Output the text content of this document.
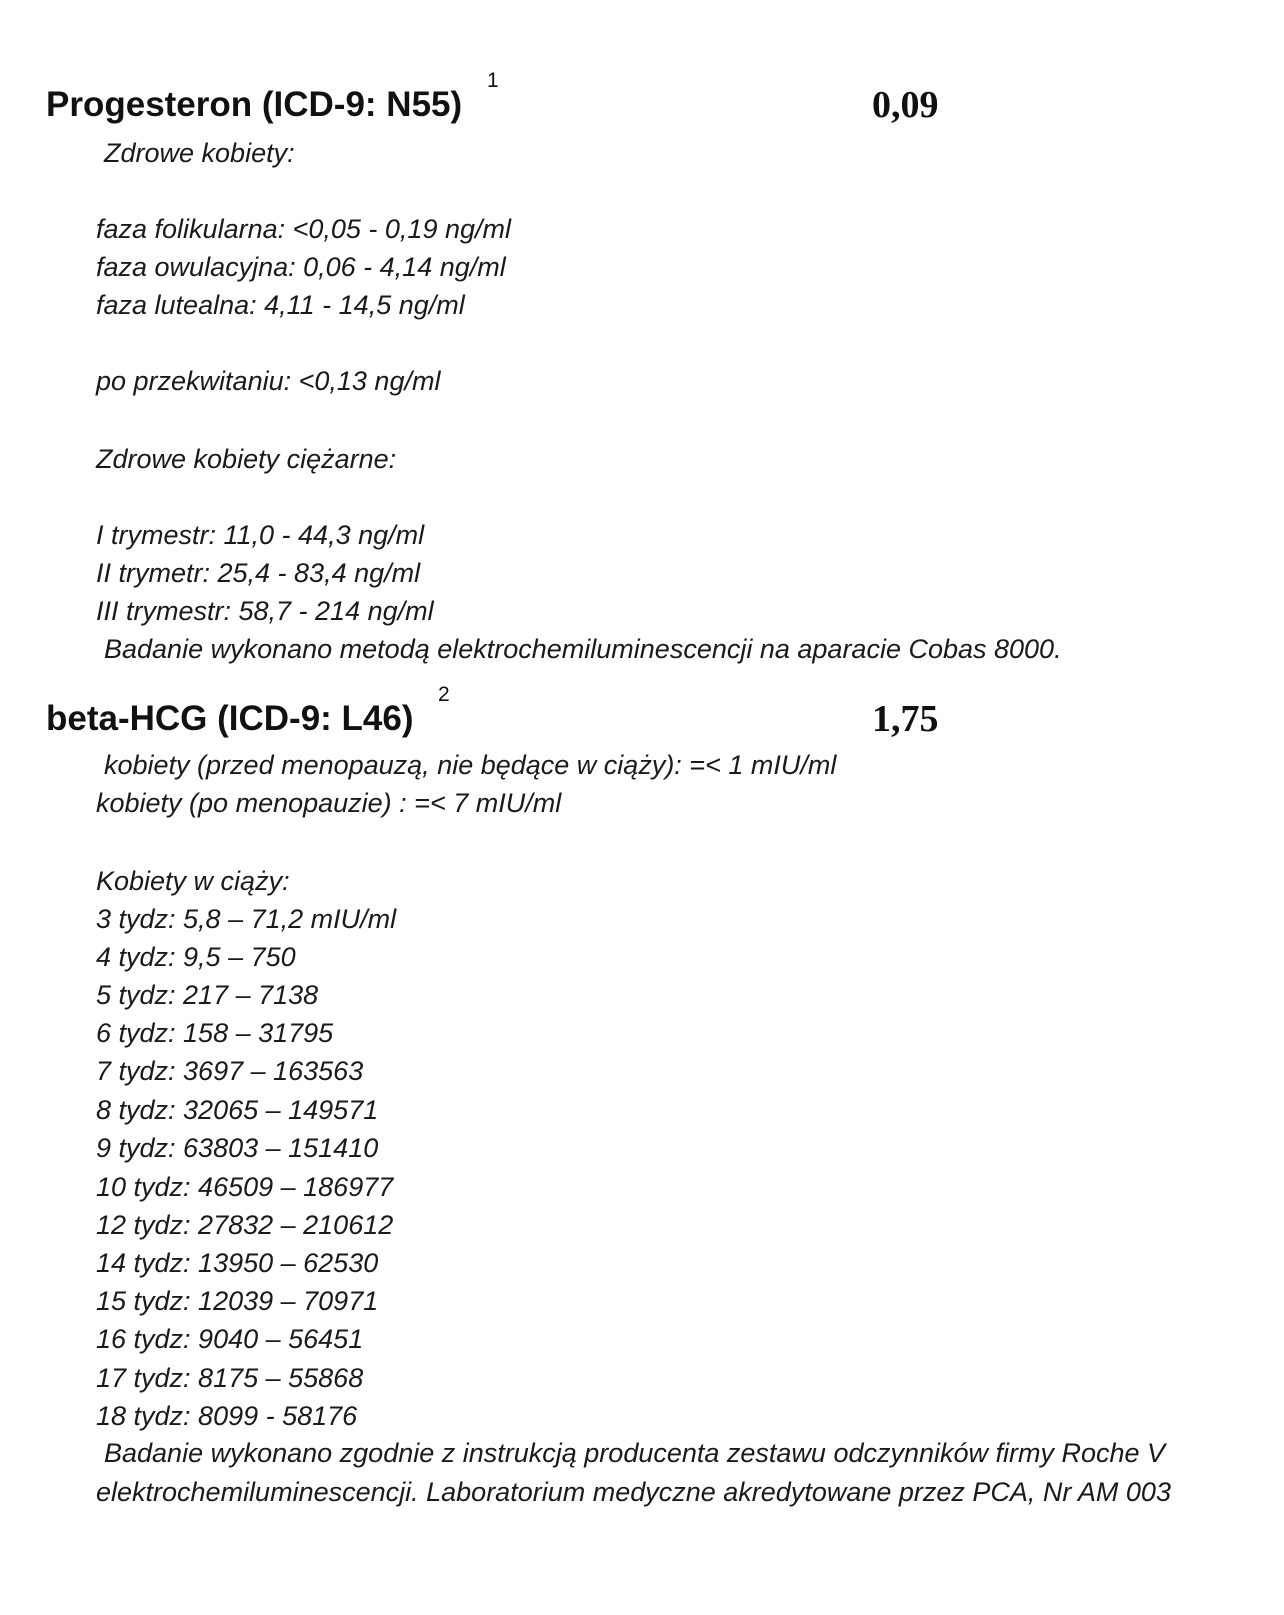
Progesteron (ICD-9: N55)
1
0,09
Zdrowe kobiety:
faza folikularna: <0,05 - 0,19 ng/ml
faza owulacyjna: 0,06 - 4,14 ng/ml
faza lutealna: 4,11 - 14,5 ng/ml
po przekwitaniu: <0,13 ng/ml
Zdrowe kobiety ciężarne:
I trymestr: 11,0 - 44,3 ng/ml
II trymetr: 25,4 - 83,4 ng/ml
III trymestr: 58,7 - 214 ng/ml
Badanie wykonano metodą elektrochemiluminescencji na aparacie Cobas 8000.
beta-HCG (ICD-9: L46)
2
1,75
kobiety (przed menopauzą, nie będące w ciąży): =< 1 mIU/ml
kobiety (po menopauzie) : =< 7 mIU/ml
Kobiety w ciąży:
3 tydz: 5,8 – 71,2 mIU/ml
4 tydz: 9,5 – 750
5 tydz: 217 – 7138
6 tydz: 158 – 31795
7 tydz: 3697 – 163563
8 tydz: 32065 – 149571
9 tydz: 63803 – 151410
10 tydz: 46509 – 186977
12 tydz: 27832 – 210612
14 tydz: 13950 – 62530
15 tydz: 12039 – 70971
16 tydz: 9040 – 56451
17 tydz: 8175 – 55868
18 tydz: 8099 - 58176
Badanie wykonano zgodnie z instrukcją producenta zestawu odczynników firmy Roche V
elektrochemiluminescencji. Laboratorium medyczne akredytowane przez PCA, Nr AM 003
